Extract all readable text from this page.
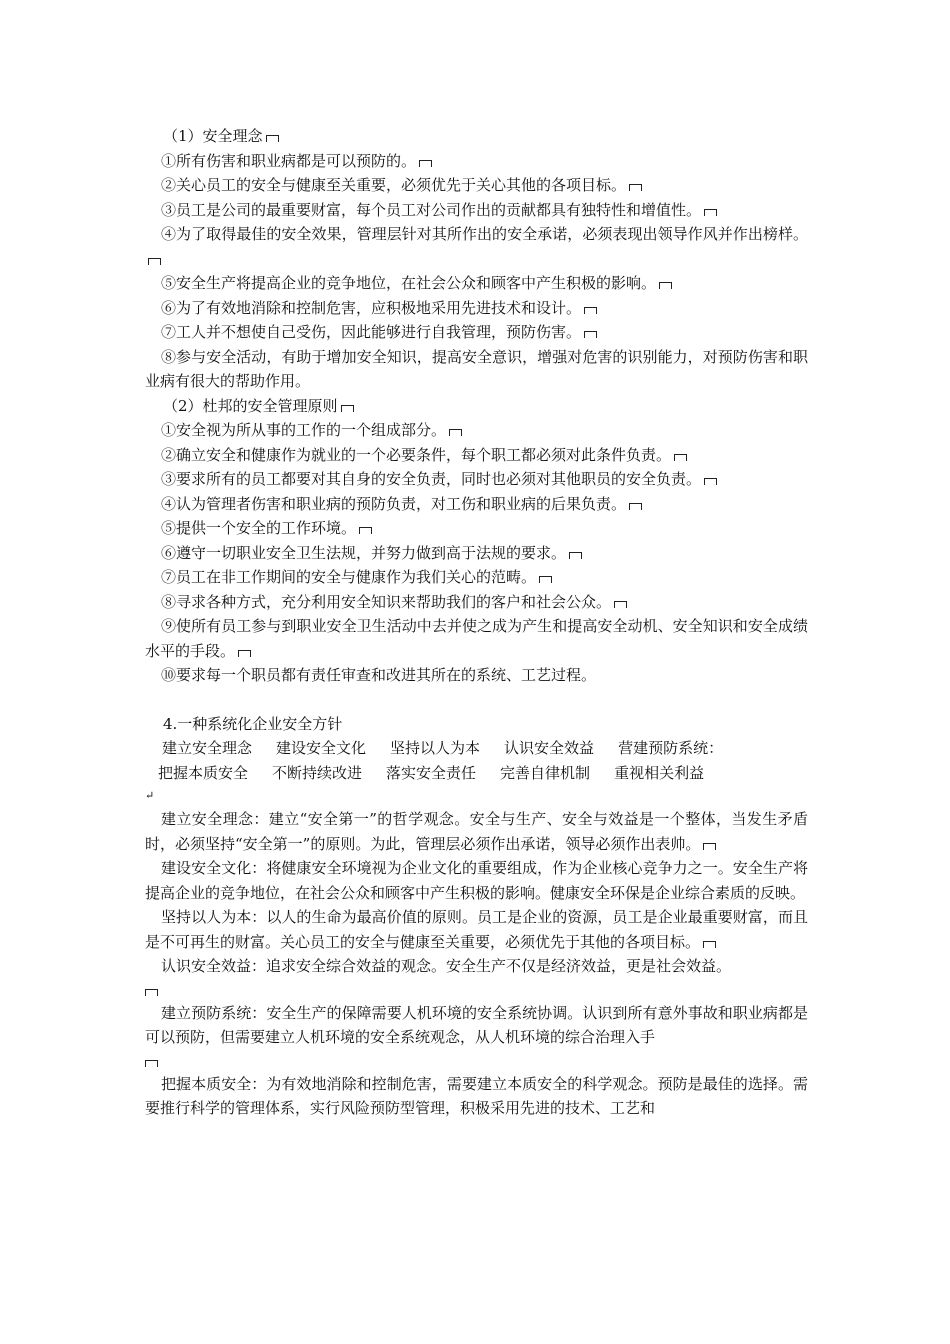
（1）安全理念

①所有伤害和职业病都是可以预防的。

②关心员工的安全与健康至关重要，必须优先于关心其他的各项目标。

③员工是公司的最重要财富，每个员工对公司作出的贡献都具有独特性和增值性。

④为了取得最佳的安全效果，管理层针对其所作出的安全承诺，必须表现出领导作风并作出榜样。

⑤安全生产将提高企业的竞争地位，在社会公众和顾客中产生积极的影响。

⑥为了有效地消除和控制危害，应积极地采用先进技术和设计。

⑦工人并不想使自己受伤，因此能够进行自我管理，预防伤害。

⑧参与安全活动，有助于增加安全知识，提高安全意识，增强对危害的识别能力，对预防伤害和职业病有很大的帮助作用。

（2）杜邦的安全管理原则

①安全视为所从事的工作的一个组成部分。

②确立安全和健康作为就业的一个必要条件，每个职工都必须对此条件负责。

③要求所有的员工都要对其自身的安全负责，同时也必须对其他职员的安全负责。

④认为管理者伤害和职业病的预防负责，对工伤和职业病的后果负责。

⑤提供一个安全的工作环境。

⑥遵守一切职业安全卫生法规，并努力做到高于法规的要求。

⑦员工在非工作期间的安全与健康作为我们关心的范畴。

⑧寻求各种方式，充分利用安全知识来帮助我们的客户和社会公众。

⑨使所有员工参与到职业安全卫生活动中去并使之成为产生和提高安全动机、安全知识和安全成绩水平的手段。

⑩要求每一个职员都有责任审查和改进其所在的系统、工艺过程。

4.一种系统化企业安全方针

建立安全理念 建设安全文化 坚持以人为本 认识安全效益 营建预防系统：

把握本质安全 不断持续改进 落实安全责任 完善自律机制 重视相关利益

↵

建立安全理念：建立“安全第一”的哲学观念。安全与生产、安全与效益是一个整体，当发生矛盾时，必须坚持“安全第一”的原则。为此，管理层必须作出承诺，领导必须作出表帅。

建设安全文化：将健康安全环境视为企业文化的重要组成，作为企业核心竞争力之一。安全生产将提高企业的竞争地位，在社会公众和顾客中产生积极的影响。健康安全环保是企业综合素质的反映。

坚持以人为本：以人的生命为最高价值的原则。员工是企业的资源，员工是企业最重要财富，而且是不可再生的财富。关心员工的安全与健康至关重要，必须优先于其他的各项目标。

认识安全效益：追求安全综合效益的观念。安全生产不仅是经济效益，更是社会效益。

建立预防系统：安全生产的保障需要人机环境的安全系统协调。认识到所有意外事故和职业病都是可以预防，但需要建立人机环境的安全系统观念，从人机环境的综合治理入手

把握本质安全：为有效地消除和控制危害，需要建立本质安全的科学观念。预防是最佳的选择。需要推行科学的管理体系，实行风险预防型管理，积极采用先进的技术、工艺和
